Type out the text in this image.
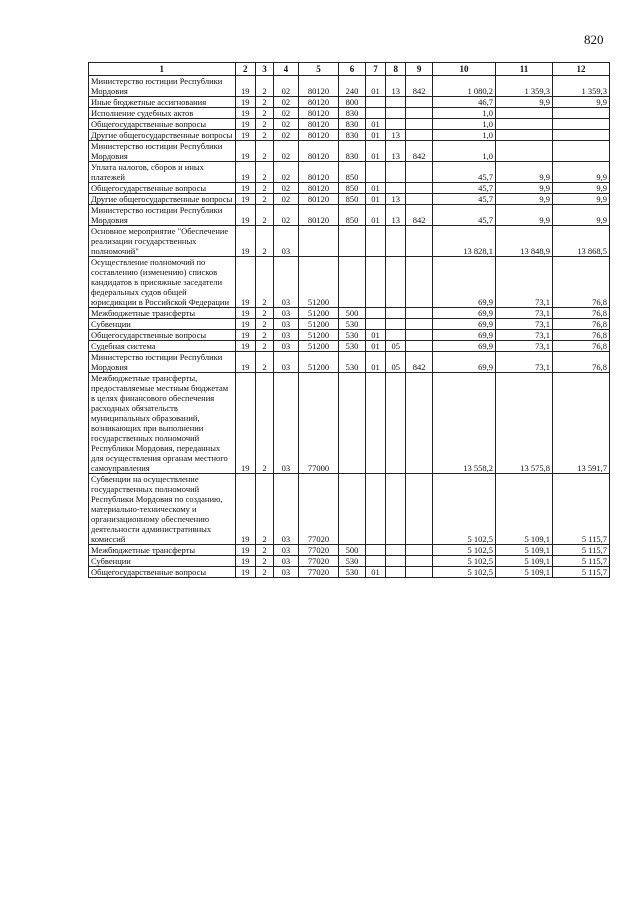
820
1	2	3	4	5	6	7	8	9	10	11	12
Министерство юстиции Республики Мордовия	19	2	02	80120	240	01	13	842	1 080,2	1 359,3	1 359,3
Иные бюджетные ассигнования	19	2	02	80120	800				46,7	9,9	9,9
Исполнение судебных актов	19	2	02	80120	830				1,0		
Общегосударственные вопросы	19	2	02	80120	830	01			1,0		
Другие общегосударственные вопросы	19	2	02	80120	830	01	13		1,0		
Министерство юстиции Республики Мордовия	19	2	02	80120	830	01	13	842	1,0		
Уплата налогов, сборов и иных платежей	19	2	02	80120	850				45,7	9,9	9,9
Общегосударственные вопросы	19	2	02	80120	850	01			45,7	9,9	9,9
Другие общегосударственные вопросы	19	2	02	80120	850	01	13		45,7	9,9	9,9
Министерство юстиции Республики Мордовия	19	2	02	80120	850	01	13	842	45,7	9,9	9,9
Основное мероприятие "Обеспечение реализации государственных полномочий"	19	2	03						13 828,1	13 848,9	13 868,5
Осуществление полномочий по составлению (изменению) списков кандидатов в присяжные заседатели федеральных судов общей юрисдикции в Российской Федерации	19	2	03	51200					69,9	73,1	76,8
Межбюджетные трансферты	19	2	03	51200	500				69,9	73,1	76,8
Субвенции	19	2	03	51200	530				69,9	73,1	76,8
Общегосударственные вопросы	19	2	03	51200	530	01			69,9	73,1	76,8
Судебная система	19	2	03	51200	530	01	05		69,9	73,1	76,8
Министерство юстиции Республики Мордовия	19	2	03	51200	530	01	05	842	69,9	73,1	76,8
Межбюджетные трансферты, предоставляемые местным бюджетам в целях финансового обеспечения расходных обязательств муниципальных образований, возникающих при выполнении государственных полномочий Республики Мордовия, переданных для осуществления органам местного самоуправления	19	2	03	77000					13 558,2	13 575,8	13 591,7
Субвенции на осуществление государственных полномочий Республики Мордовия по созданию, материально-техническому и организационному обеспечению деятельности административных комиссий	19	2	03	77020					5 102,5	5 109,1	5 115,7
Межбюджетные трансферты	19	2	03	77020	500				5 102,5	5 109,1	5 115,7
Субвенции	19	2	03	77020	530				5 102,5	5 109,1	5 115,7
Общегосударственные вопросы	19	2	03	77020	530	01			5 102,5	5 109,1	5 115,7
